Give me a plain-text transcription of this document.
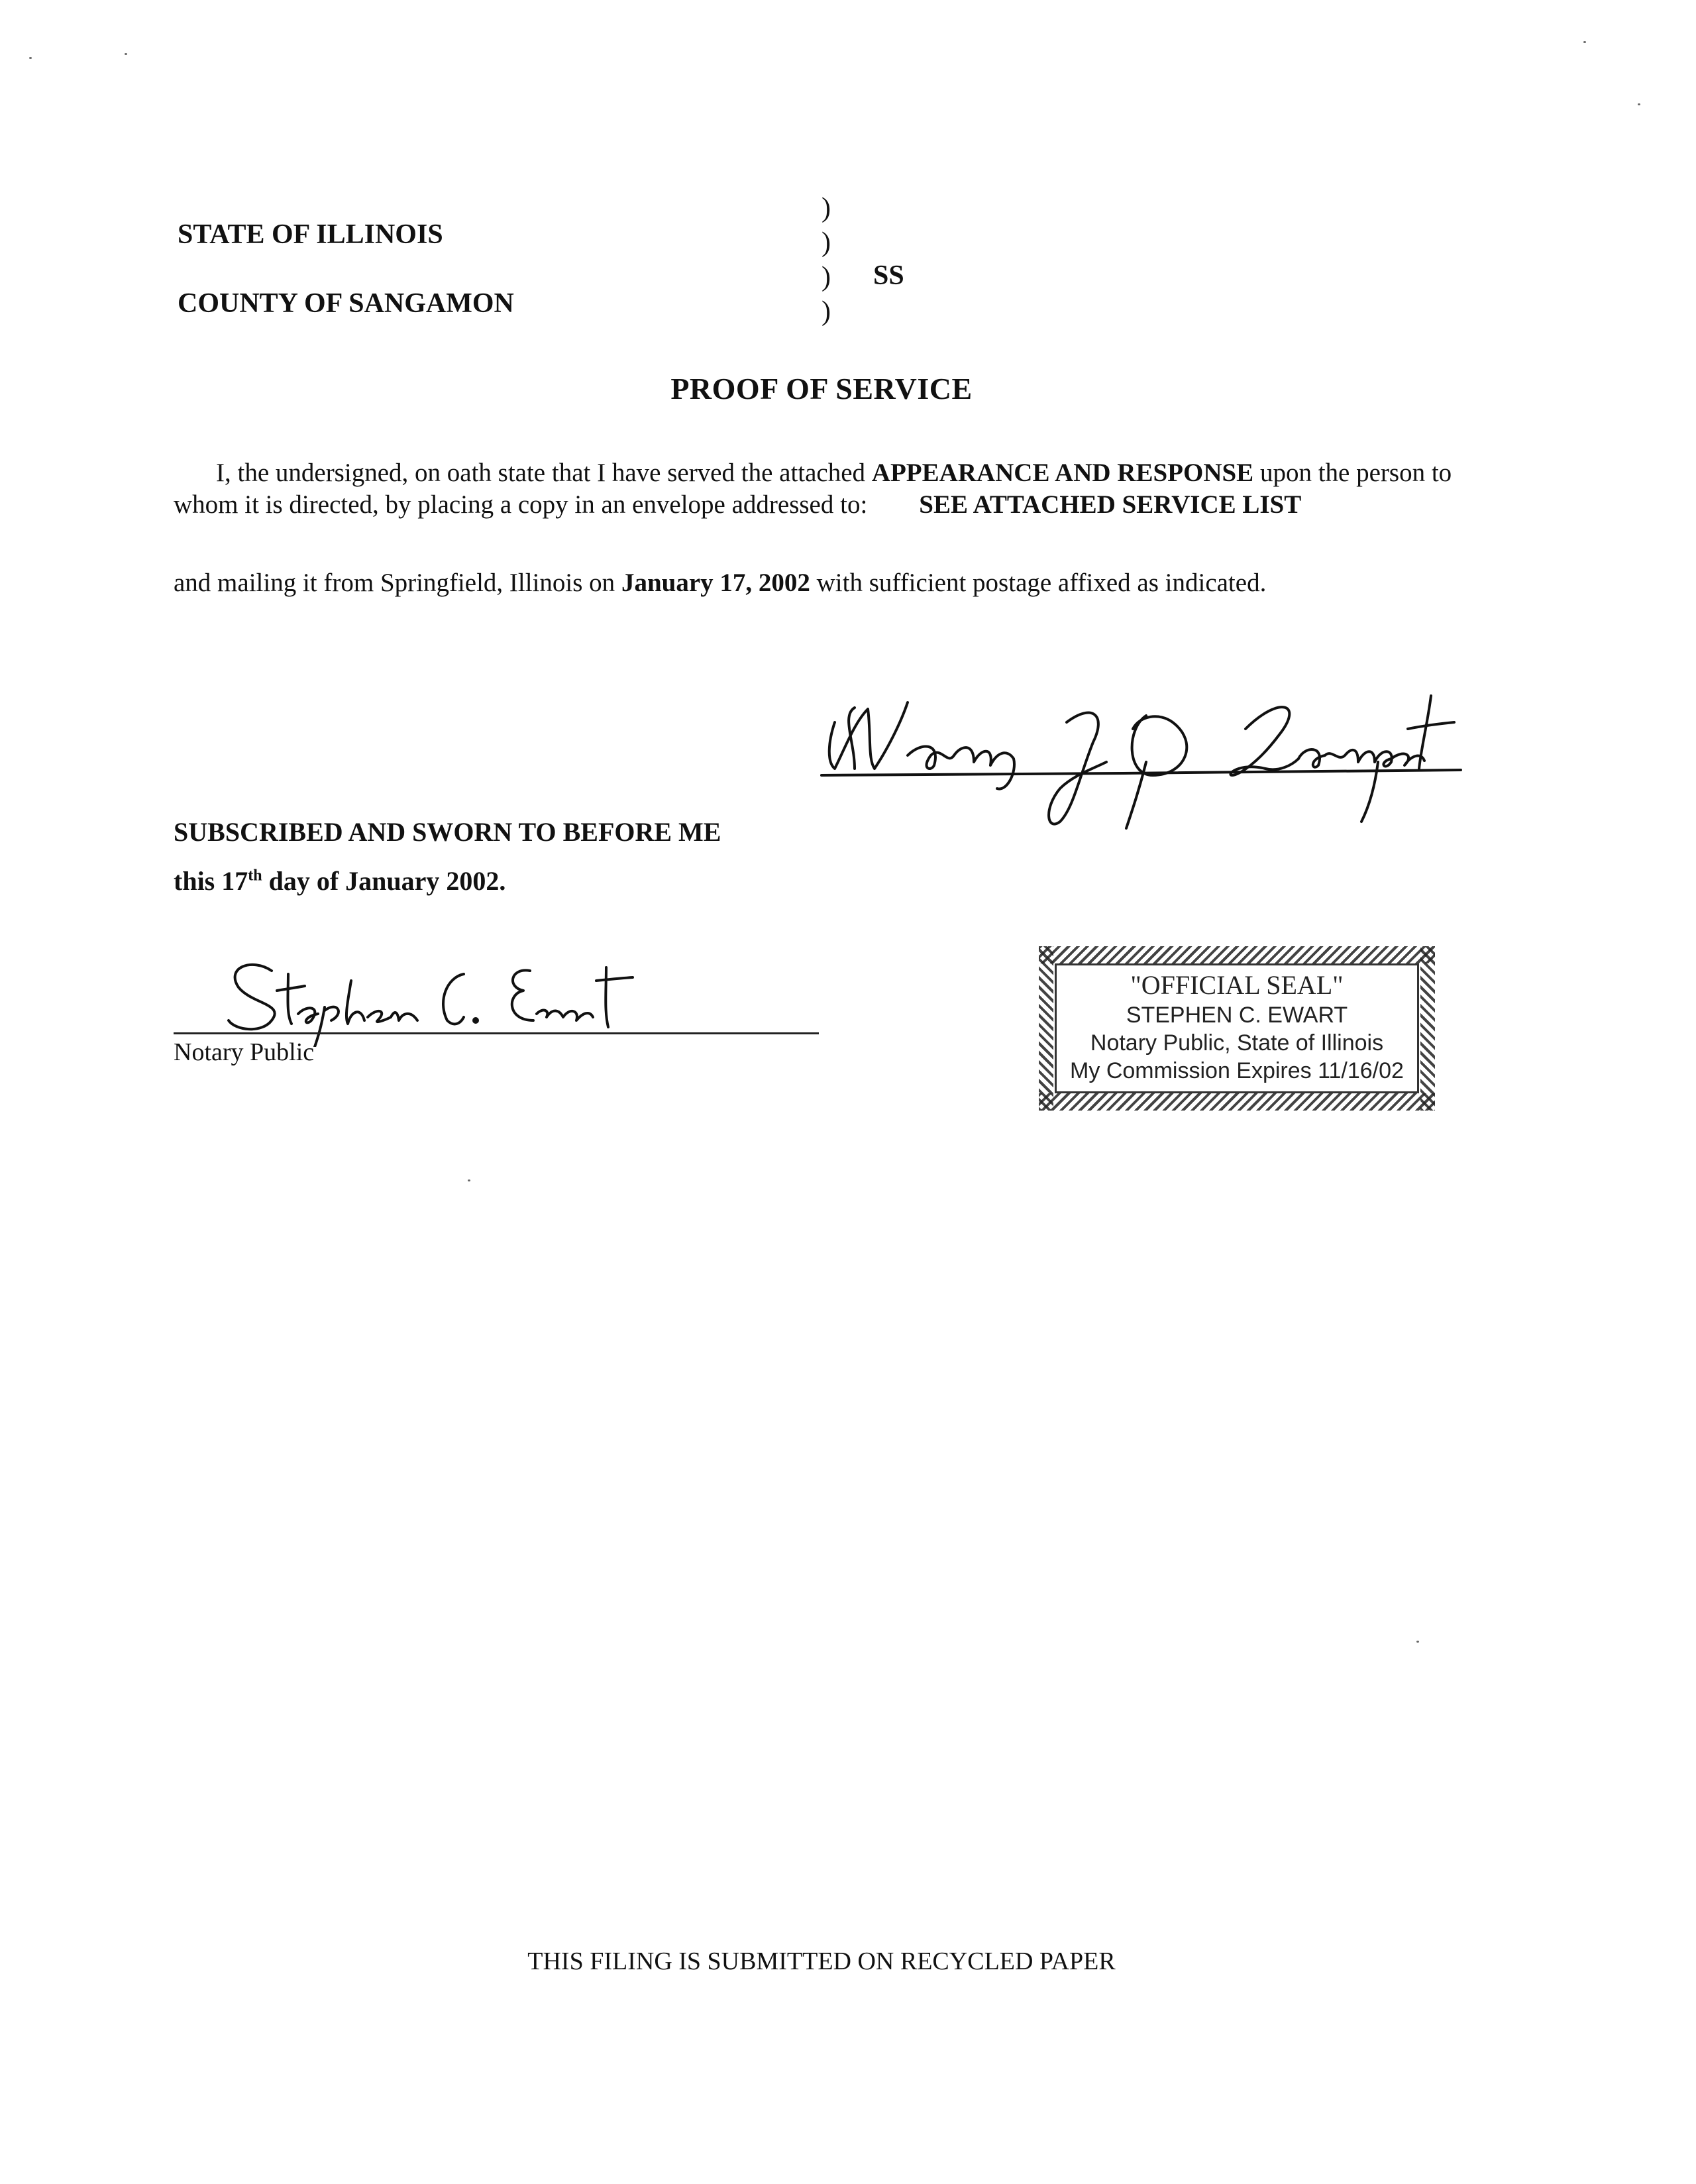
STATE OF ILLINOIS
COUNTY OF SANGAMON
)
)
)
)
SS
PROOF OF SERVICE
I, the undersigned, on oath state that I have served the attached APPEARANCE AND RESPONSE upon the person to whom it is directed, by placing a copy in an envelope addressed to: SEE ATTACHED SERVICE LIST
and mailing it from Springfield, Illinois on January 17, 2002 with sufficient postage affixed as indicated.
SUBSCRIBED AND SWORN TO BEFORE ME
this 17th day of January 2002.
Notary Public
"OFFICIAL SEAL"
STEPHEN C. EWART
Notary Public, State of Illinois
My Commission Expires 11/16/02
THIS FILING IS SUBMITTED ON RECYCLED PAPER
